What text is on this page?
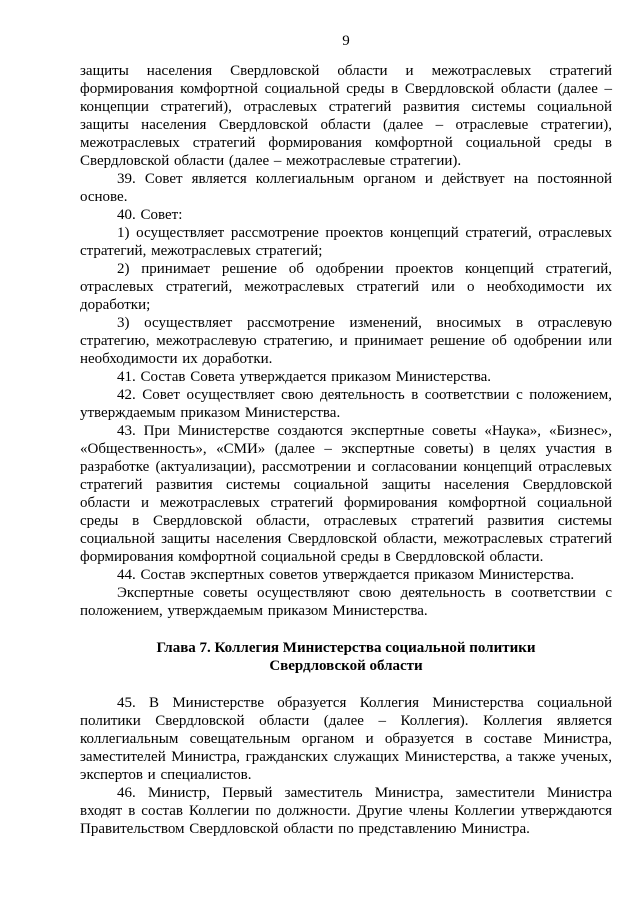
9

защиты населения Свердловской области и межотраслевых стратегий формирования комфортной социальной среды в Свердловской области (далее – концепции стратегий), отраслевых стратегий развития системы социальной защиты населения Свердловской области (далее – отраслевые стратегии), межотраслевых стратегий формирования комфортной социальной среды в Свердловской области (далее – межотраслевые стратегии).

39. Совет является коллегиальным органом и действует на постоянной основе.

40. Совет:

1) осуществляет рассмотрение проектов концепций стратегий, отраслевых стратегий, межотраслевых стратегий;

2) принимает решение об одобрении проектов концепций стратегий, отраслевых стратегий, межотраслевых стратегий или о необходимости их доработки;

3) осуществляет рассмотрение изменений, вносимых в отраслевую стратегию, межотраслевую стратегию, и принимает решение об одобрении или необходимости их доработки.

41. Состав Совета утверждается приказом Министерства.

42. Совет осуществляет свою деятельность в соответствии с положением, утверждаемым приказом Министерства.

43. При Министерстве создаются экспертные советы «Наука», «Бизнес», «Общественность», «СМИ» (далее – экспертные советы) в целях участия в разработке (актуализации), рассмотрении и согласовании концепций отраслевых стратегий развития системы социальной защиты населения Свердловской области и межотраслевых стратегий формирования комфортной социальной среды в Свердловской области, отраслевых стратегий развития системы социальной защиты населения Свердловской области, межотраслевых стратегий формирования комфортной социальной среды в Свердловской области.

44. Состав экспертных советов утверждается приказом Министерства.

Экспертные советы осуществляют свою деятельность в соответствии с положением, утверждаемым приказом Министерства.

Глава 7. Коллегия Министерства социальной политики
Свердловской области

45. В Министерстве образуется Коллегия Министерства социальной политики Свердловской области (далее – Коллегия). Коллегия является коллегиальным совещательным органом и образуется в составе Министра, заместителей Министра, гражданских служащих Министерства, а также ученых, экспертов и специалистов.

46. Министр, Первый заместитель Министра, заместители Министра входят в состав Коллегии по должности. Другие члены Коллегии утверждаются Правительством Свердловской области по представлению Министра.
